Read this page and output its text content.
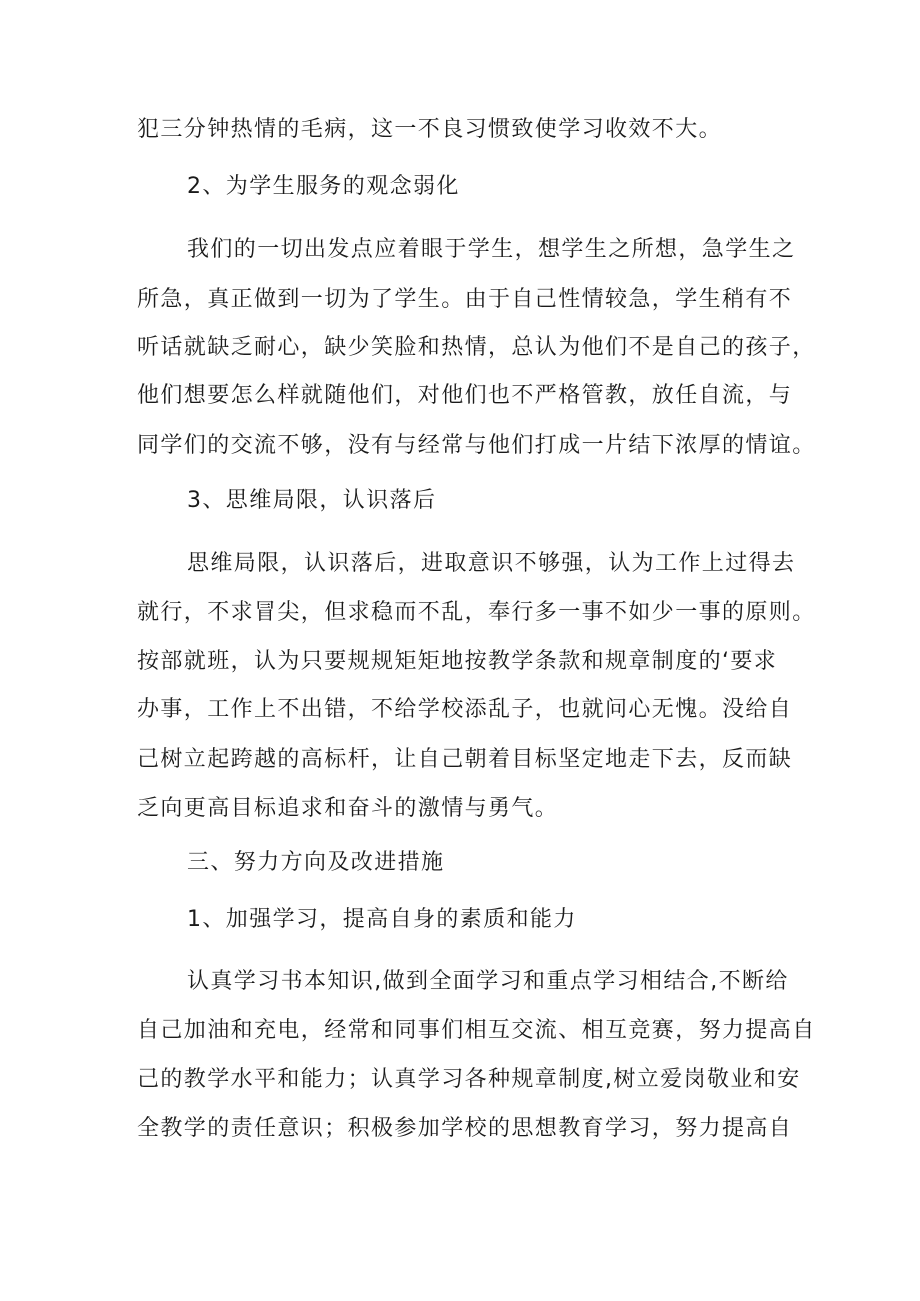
犯三分钟热情的毛病，这一不良习惯致使学习收效不大。
2、为学生服务的观念弱化
我们的一切出发点应着眼于学生，想学生之所想，急学生之
所急，真正做到一切为了学生。由于自己性情较急，学生稍有不
听话就缺乏耐心，缺少笑脸和热情，总认为他们不是自己的孩子，
他们想要怎么样就随他们，对他们也不严格管教，放任自流，与
同学们的交流不够，没有与经常与他们打成一片结下浓厚的情谊。
3、思维局限，认识落后
思维局限，认识落后，进取意识不够强，认为工作上过得去
就行，不求冒尖，但求稳而不乱，奉行多一事不如少一事的原则。
按部就班，认为只要规规矩矩地按教学条款和规章制度的‘要求
办事，工作上不出错，不给学校添乱子，也就问心无愧。没给自
己树立起跨越的高标杆，让自己朝着目标坚定地走下去，反而缺
乏向更高目标追求和奋斗的激情与勇气。
三、努力方向及改进措施
1、加强学习，提高自身的素质和能力
认真学习书本知识,做到全面学习和重点学习相结合,不断给
自己加油和充电，经常和同事们相互交流、相互竞赛，努力提高自
己的教学水平和能力；认真学习各种规章制度,树立爱岗敬业和安
全教学的责任意识；积极参加学校的思想教育学习，努力提高自
